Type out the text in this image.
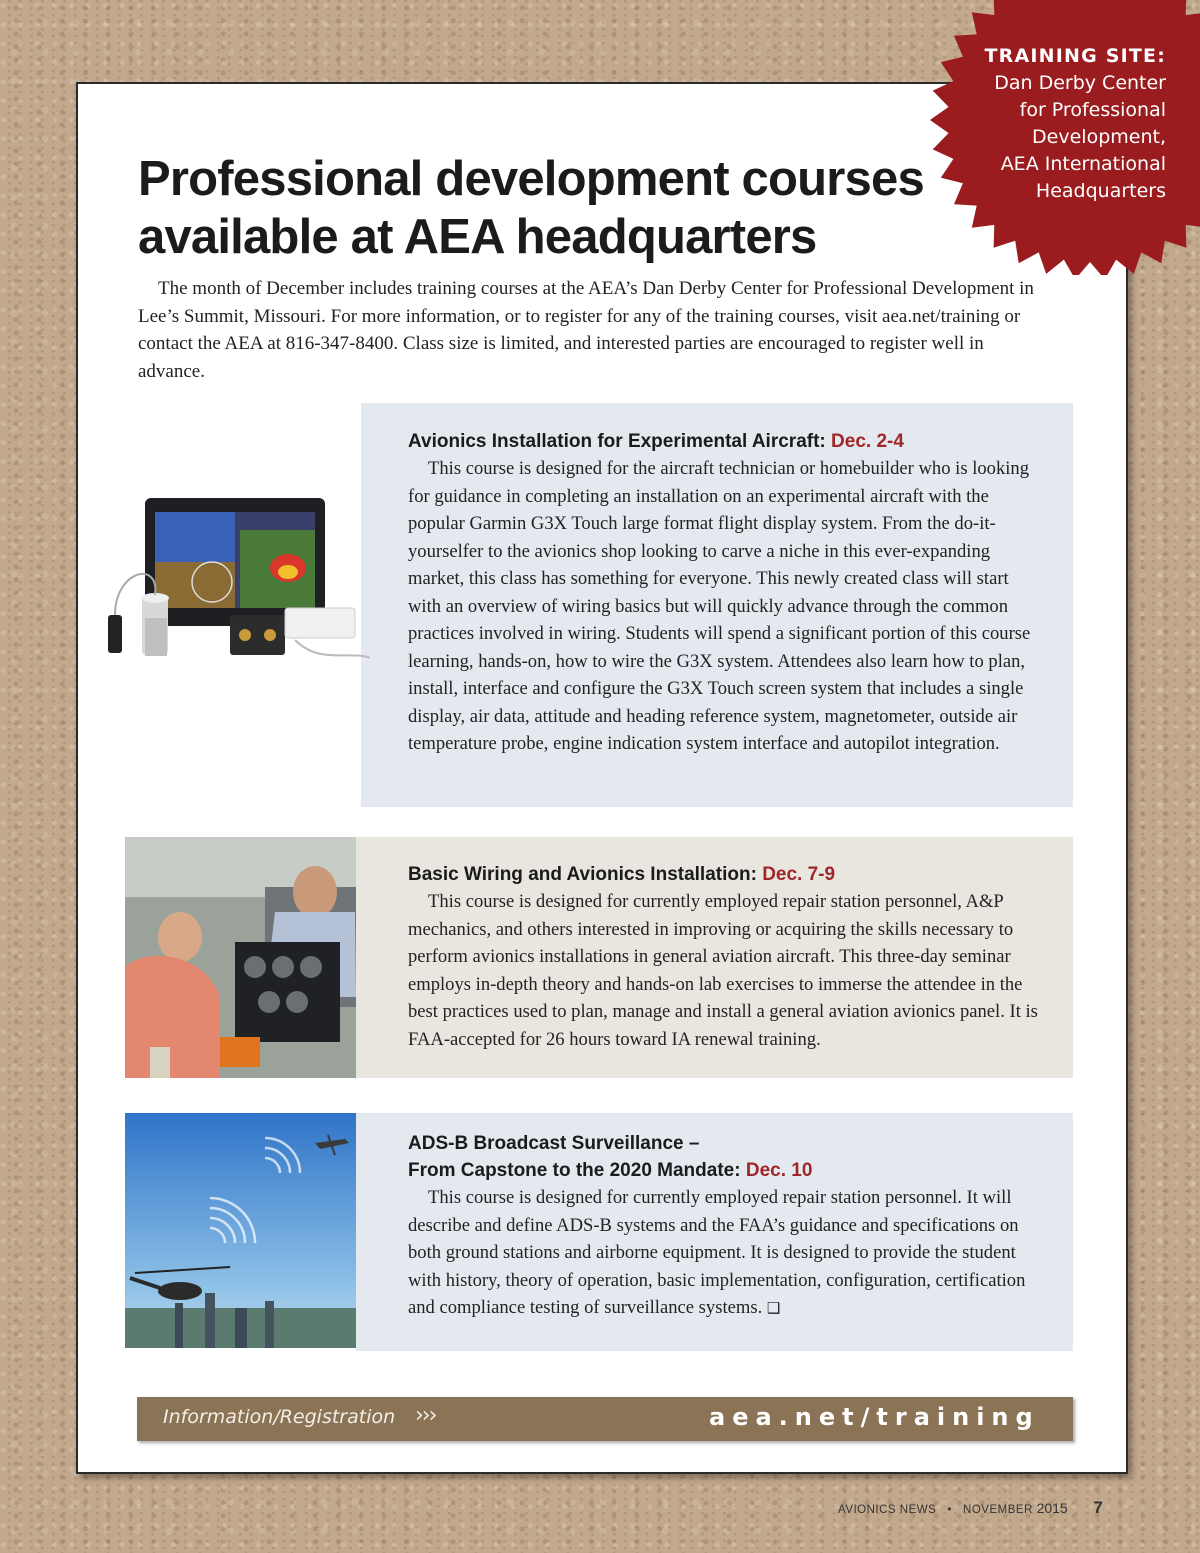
TRAINING SITE:
Dan Derby Center
for Professional
Development,
AEA International
Headquarters
Professional development courses
available at AEA headquarters

The month of December includes training courses at the AEA’s Dan Derby Center for Professional Development in Lee’s Summit, Missouri. For more information, or to register for any of the training courses, visit aea.net/training or contact the AEA at 816-347-8400. Class size is limited, and interested parties are encouraged to register well in advance.

Avionics Installation for Experimental Aircraft: Dec. 2-4

This course is designed for the aircraft technician or homebuilder who is looking for guidance in completing an installation on an experimental aircraft with the popular Garmin G3X Touch large format flight display system. From the do-it-yourselfer to the avionics shop looking to carve a niche in this ever-expanding market, this class has something for everyone. This newly created class will start with an overview of wiring basics but will quickly advance through the common practices involved in wiring. Students will spend a significant portion of this course learning, hands-on, how to wire the G3X system. Attendees also learn how to plan, install, interface and configure the G3X Touch screen system that includes a single display, air data, attitude and heading reference system, magnetometer, outside air temperature probe, engine indication system interface and autopilot integration.

Basic Wiring and Avionics Installation: Dec. 7-9

This course is designed for currently employed repair station personnel, A&P mechanics, and others interested in improving or acquiring the skills necessary to perform avionics installations in general aviation aircraft. This three-day seminar employs in-depth theory and hands-on lab exercises to immerse the attendee in the best practices used to plan, manage and install a general aviation avionics panel. It is FAA-accepted for 26 hours toward IA renewal training.

ADS-B Broadcast Surveillance –

From Capstone to the 2020 Mandate: Dec. 10

This course is designed for currently employed repair station personnel. It will describe and define ADS-B systems and the FAA’s guidance and specifications on both ground stations and airborne equipment. It is designed to provide the student with history, theory of operation, basic implementation, configuration, certification and compliance testing of surveillance systems. ❑

Information/Registration ›››	aea.net/training
AVIONICS NEWS • NOVEMBER 2015 7
